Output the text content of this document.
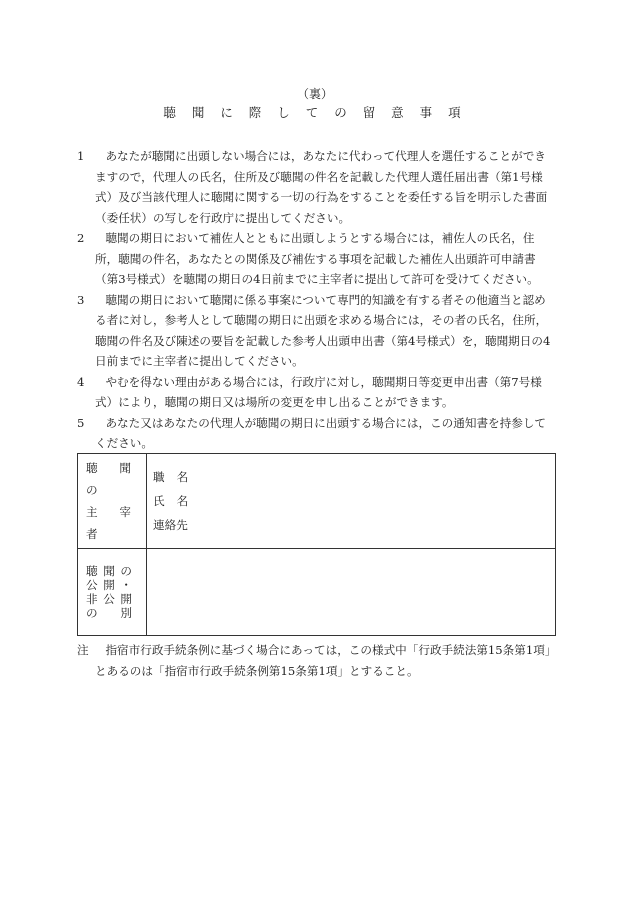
（裏）
聴 聞 に 際 し て の 留 意 事 項

1	あなたが聴聞に出頭しない場合には，あなたに代わって代理人を選任することができますので，代理人の氏名，住所及び聴聞の件名を記載した代理人選任届出書（第1号様式）及び当該代理人に聴聞に関する一切の行為をすることを委任する旨を明示した書面（委任状）の写しを行政庁に提出してください。

2	聴聞の期日において補佐人とともに出頭しようとする場合には，補佐人の氏名，住所，聴聞の件名，あなたとの関係及び補佐する事項を記載した補佐人出頭許可申請書（第3号様式）を聴聞の期日の4日前までに主宰者に提出して許可を受けてください。

3	聴聞の期日において聴聞に係る事案について専門的知識を有する者その他適当と認める者に対し，参考人として聴聞の期日に出頭を求める場合には，その者の氏名，住所，聴聞の件名及び陳述の要旨を記載した参考人出頭申出書（第4号様式）を，聴聞期日の4日前までに主宰者に提出してください。

4	やむを得ない理由がある場合には，行政庁に対し，聴聞期日等変更申出書（第7号様式）により，聴聞の期日又は場所の変更を申し出ることができます。

5	あなた又はあなたの代理人が聴聞の期日に出頭する場合には，この通知書を持参してください。

聴 聞 の
主 宰 者	職名
氏名
連絡先

聴 聞 の
公 開 ・
非 公 開
の 別	

注	指宿市行政手続条例に基づく場合にあっては，この様式中「行政手続法第15条第1項」とあるのは「指宿市行政手続条例第15条第1項」とすること。
